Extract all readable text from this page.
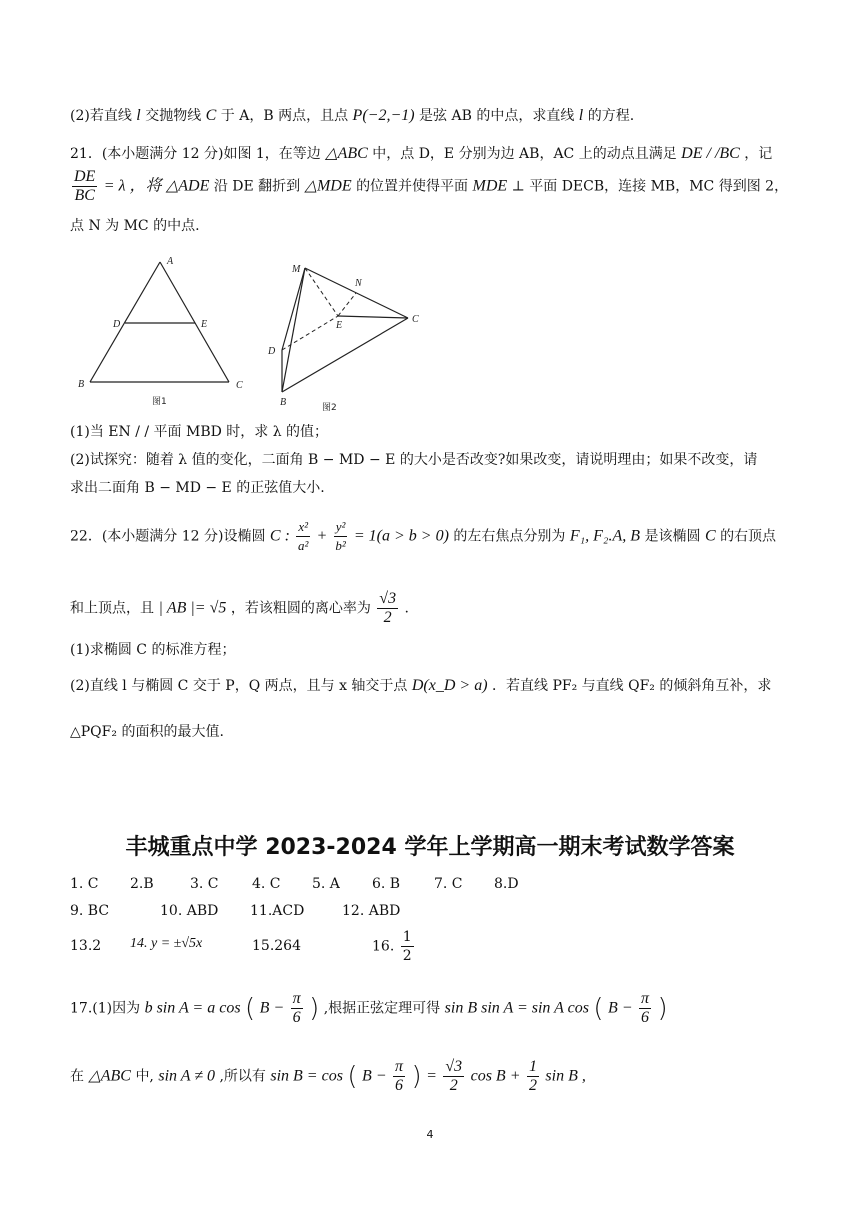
(2)若直线 l 交抛物线 C 于 A，B 两点，且点 P(−2,−1) 是弦 AB 的中点，求直线 l 的方程.
21．(本小题满分 12 分)如图 1，在等边 △ABC 中，点 D，E 分别为边 AB，AC 上的动点且满足 DE / /BC ，记
$\frac{DE}{BC} = \lambda$ ，将 △ADE 沿 DE 翻折到 △MDE 的位置并使得平面 MDE ⊥ 平面 DECB，连接 MB，MC 得到图 2，
点 N 为 MC 的中点.
A
D	E
B	C
图1
M
N
E
C
D
B	图2
(1)当 EN / / 平面 MBD 时，求 λ 的值；
(2)试探究：随着 λ 值的变化，二面角 B − MD − E 的大小是否改变?如果改变，请说明理由；如果不改变，请
求出二面角 B − MD − E 的正弦值大小.
22．(本小题满分 12 分)设椭圆 C : $\frac{\text{x²}}{\text{a²}} + \frac{\text{y²}}{\text{b²}} = 1(a > b > 0)$ 的左右焦点分别为 F₁, F₂.A, B 是该椭圆 C 的右顶点
和上顶点，且 | AB |= √5 ，若该粗圆的离心率为 $\frac{√3}{2}$ .
(1)求椭圆 C 的标准方程；
(2)直线 l 与椭圆 C 交于 P，Q 两点，且与 x 轴交于点 D(x_D > a) ．若直线 PF₂ 与直线 QF₂ 的倾斜角互补，求
△PQF₂ 的面积的最大值.
丰城重点中学 2023-2024 学年上学期高一期末考试数学答案
1. C 2.B	3. C 4. C 5. A 6. B 7. C 8.D
9. BC	10. ABD 11.ACD	12. ABD
13.2 14. y = ±√5x	15.264	16. $\frac{1}{2}$
17.(1)因为 b sin A = a cos ( $B - \frac{\pi}{6}$ ) ,根据正弦定理可得 sin B sin A = sin A cos ( $B - \frac{\pi}{6}$ )
在 △ABC 中, sin A ≠ 0 ,所以有 sin B = cos ( $B - \frac{\pi}{6}$ ) = $\frac{√3}{2}$ $\cos B + \frac{1}{2}$ sin B ,
4
